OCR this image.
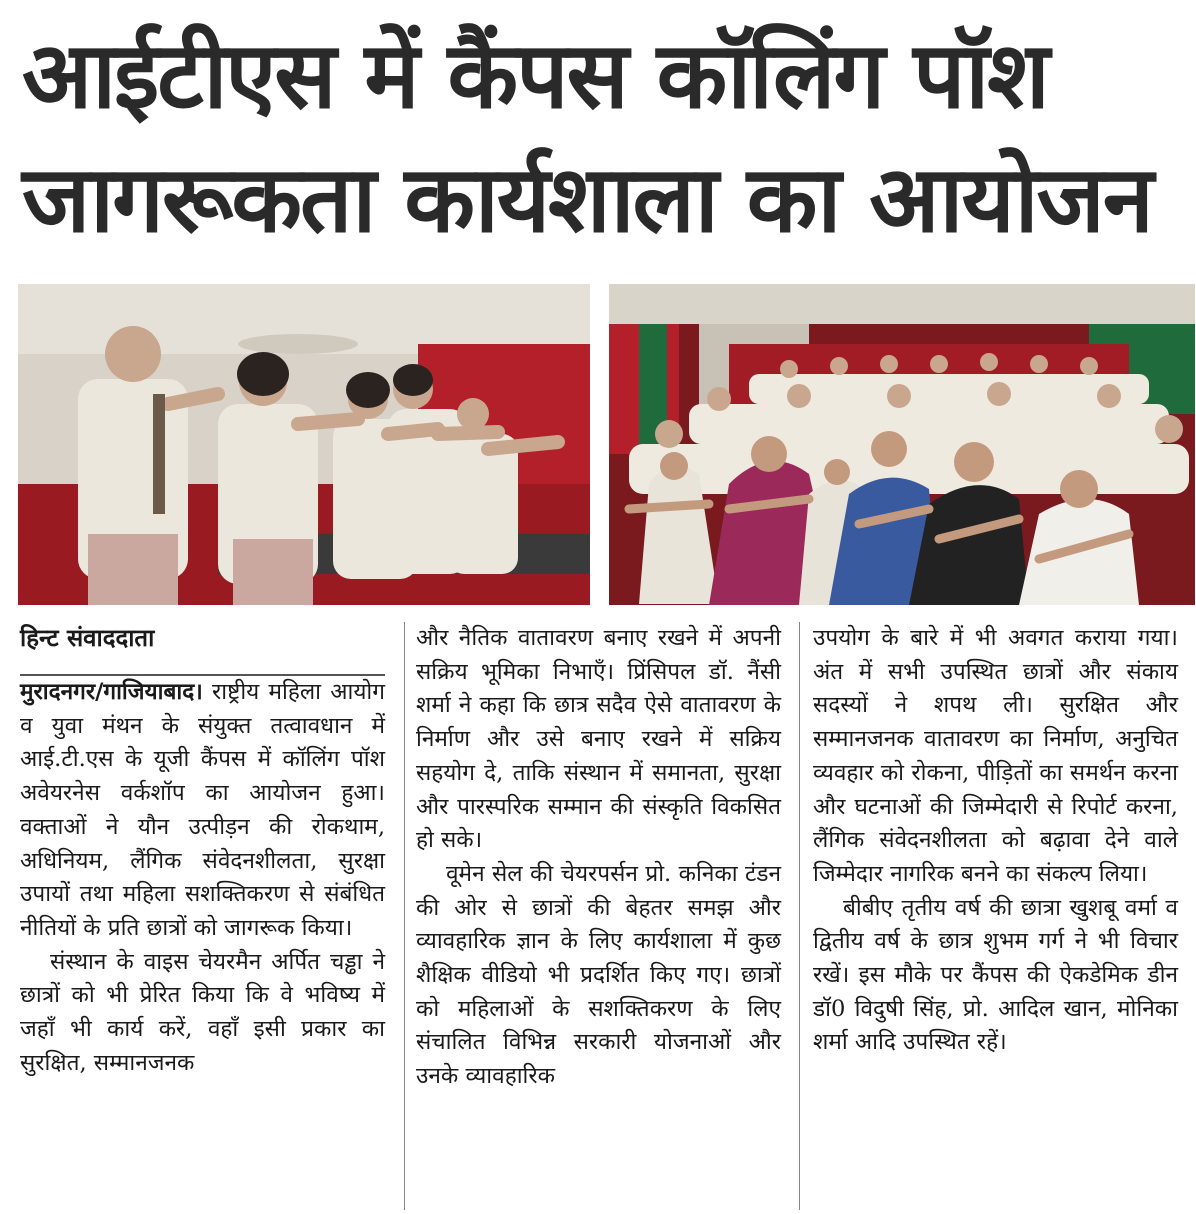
आईटीएस में कैंपस कॉलिंग पॉश
जागरूकता कार्यशाला का आयोजन

हिन्ट संवाददाता

मुरादनगर/गाजियाबाद। राष्ट्रीय महिला आयोग व युवा मंथन के संयुक्त तत्वावधान में आई.टी.एस के यूजी कैंपस में कॉलिंग पॉश अवेयरनेस वर्कशॉप का आयोजन हुआ। वक्ताओं ने यौन उत्पीड़न की रोकथाम, अधिनियम, लैंगिक संवेदनशीलता, सुरक्षा उपायों तथा महिला सशक्तिकरण से संबंधित नीतियों के प्रति छात्रों को जागरूक किया।

संस्थान के वाइस चेयरमैन अर्पित चड्ढा ने छात्रों को भी प्रेरित किया कि वे भविष्य में जहाँ भी कार्य करें, वहाँ इसी प्रकार का सुरक्षित, सम्मानजनक

और नैतिक वातावरण बनाए रखने में अपनी सक्रिय भूमिका निभाएँ। प्रिंसिपल डॉ. नैंसी शर्मा ने कहा कि छात्र सदैव ऐसे वातावरण के निर्माण और उसे बनाए रखने में सक्रिय सहयोग दे, ताकि संस्थान में समानता, सुरक्षा और पारस्परिक सम्मान की संस्कृति विकसित हो सके।

वूमेन सेल की चेयरपर्सन प्रो. कनिका टंडन की ओर से छात्रों की बेहतर समझ और व्यावहारिक ज्ञान के लिए कार्यशाला में कुछ शैक्षिक वीडियो भी प्रदर्शित किए गए। छात्रों को महिलाओं के सशक्तिकरण के लिए संचालित विभिन्न सरकारी योजनाओं और उनके व्यावहारिक

उपयोग के बारे में भी अवगत कराया गया। अंत में सभी उपस्थित छात्रों और संकाय सदस्यों ने शपथ ली। सुरक्षित और सम्मानजनक वातावरण का निर्माण, अनुचित व्यवहार को रोकना, पीड़ितों का समर्थन करना और घटनाओं की जिम्मेदारी से रिपोर्ट करना, लैंगिक संवेदनशीलता को बढ़ावा देने वाले जिम्मेदार नागरिक बनने का संकल्प लिया।

बीबीए तृतीय वर्ष की छात्रा खुशबू वर्मा व द्वितीय वर्ष के छात्र शुभम गर्ग ने भी विचार रखें। इस मौके पर कैंपस की ऐकडेमिक डीन डॉ0 विदुषी सिंह, प्रो. आदिल खान, मोनिका शर्मा आदि उपस्थित रहें।
